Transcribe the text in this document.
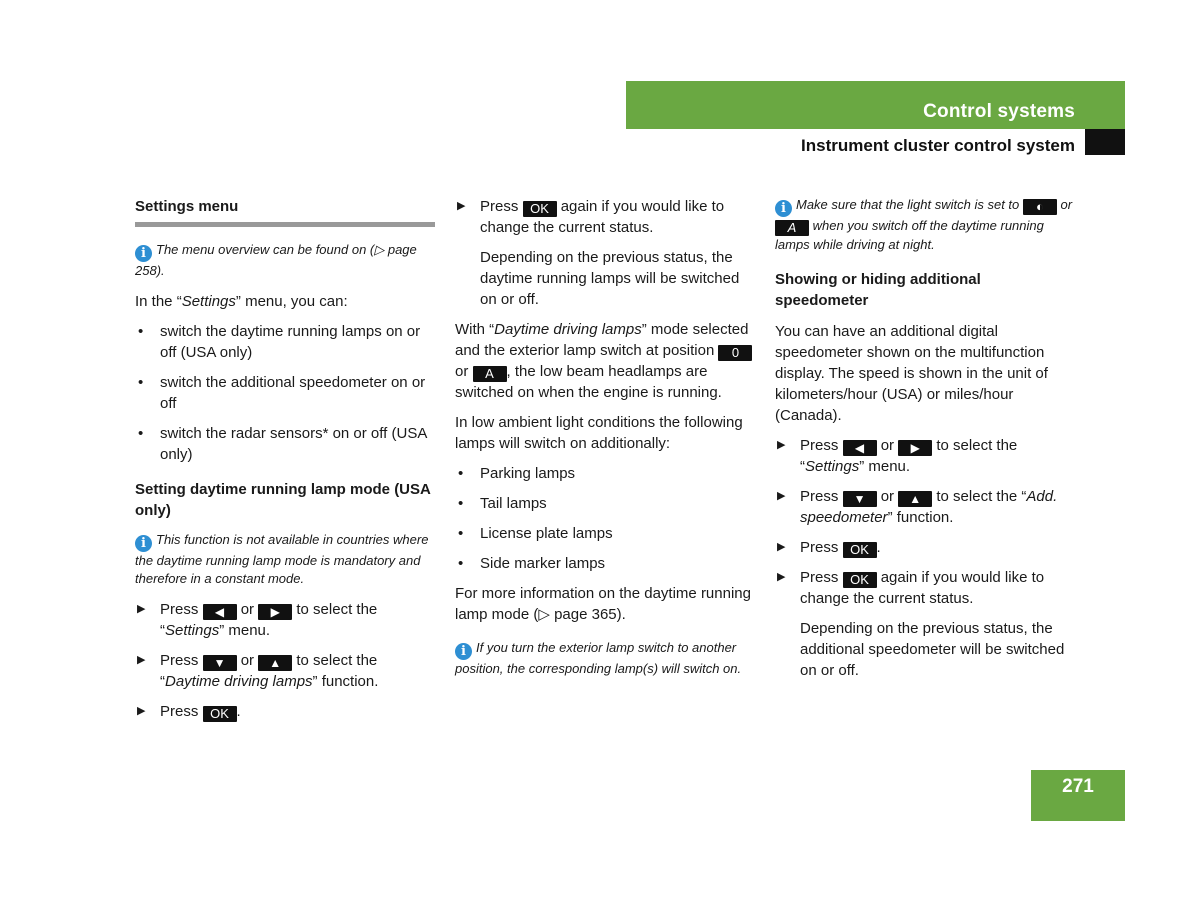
Control systems
Instrument cluster control system
Settings menu
i The menu overview can be found on (▷ page 258).

In the “Settings” menu, you can:

• switch the daytime running lamps on or off (USA only)
• switch the additional speedometer on or off
• switch the radar sensors* on or off (USA only)
Setting daytime running lamp mode (USA only)
i This function is not available in countries where the daytime running lamp mode is mandatory and therefore in a constant mode.
▶ Press ◀ or ▶ to select the “Settings” menu.
▶ Press ▼ or ▲ to select the “Daytime driving lamps” function.
▶ Press OK .
▶ Press OK again if you would like to change the current status.

Depending on the previous status, the daytime running lamps will be switched on or off.

With “Daytime driving lamps” mode selected and the exterior lamp switch at position 0 or A , the low beam headlamps are switched on when the engine is running.

In low ambient light conditions the following lamps will switch on additionally:

• Parking lamps
• Tail lamps
• License plate lamps
• Side marker lamps

For more information on the daytime running lamp mode (▷ page 365).

i If you turn the exterior lamp switch to another position, the corresponding lamp(s) will switch on.
i Make sure that the light switch is set to ◐ or A when you switch off the daytime running lamps while driving at night.
Showing or hiding additional speedometer

You can have an additional digital speedometer shown on the multifunction display. The speed is shown in the unit of kilometers/hour (USA) or miles/hour (Canada).

▶ Press ◀ or ▶ to select the “Settings” menu.
▶ Press ▼ or ▲ to select the “Add. speedometer” function.
▶ Press OK .
▶ Press OK again if you would like to change the current status.

Depending on the previous status, the additional speedometer will be switched on or off.

271
